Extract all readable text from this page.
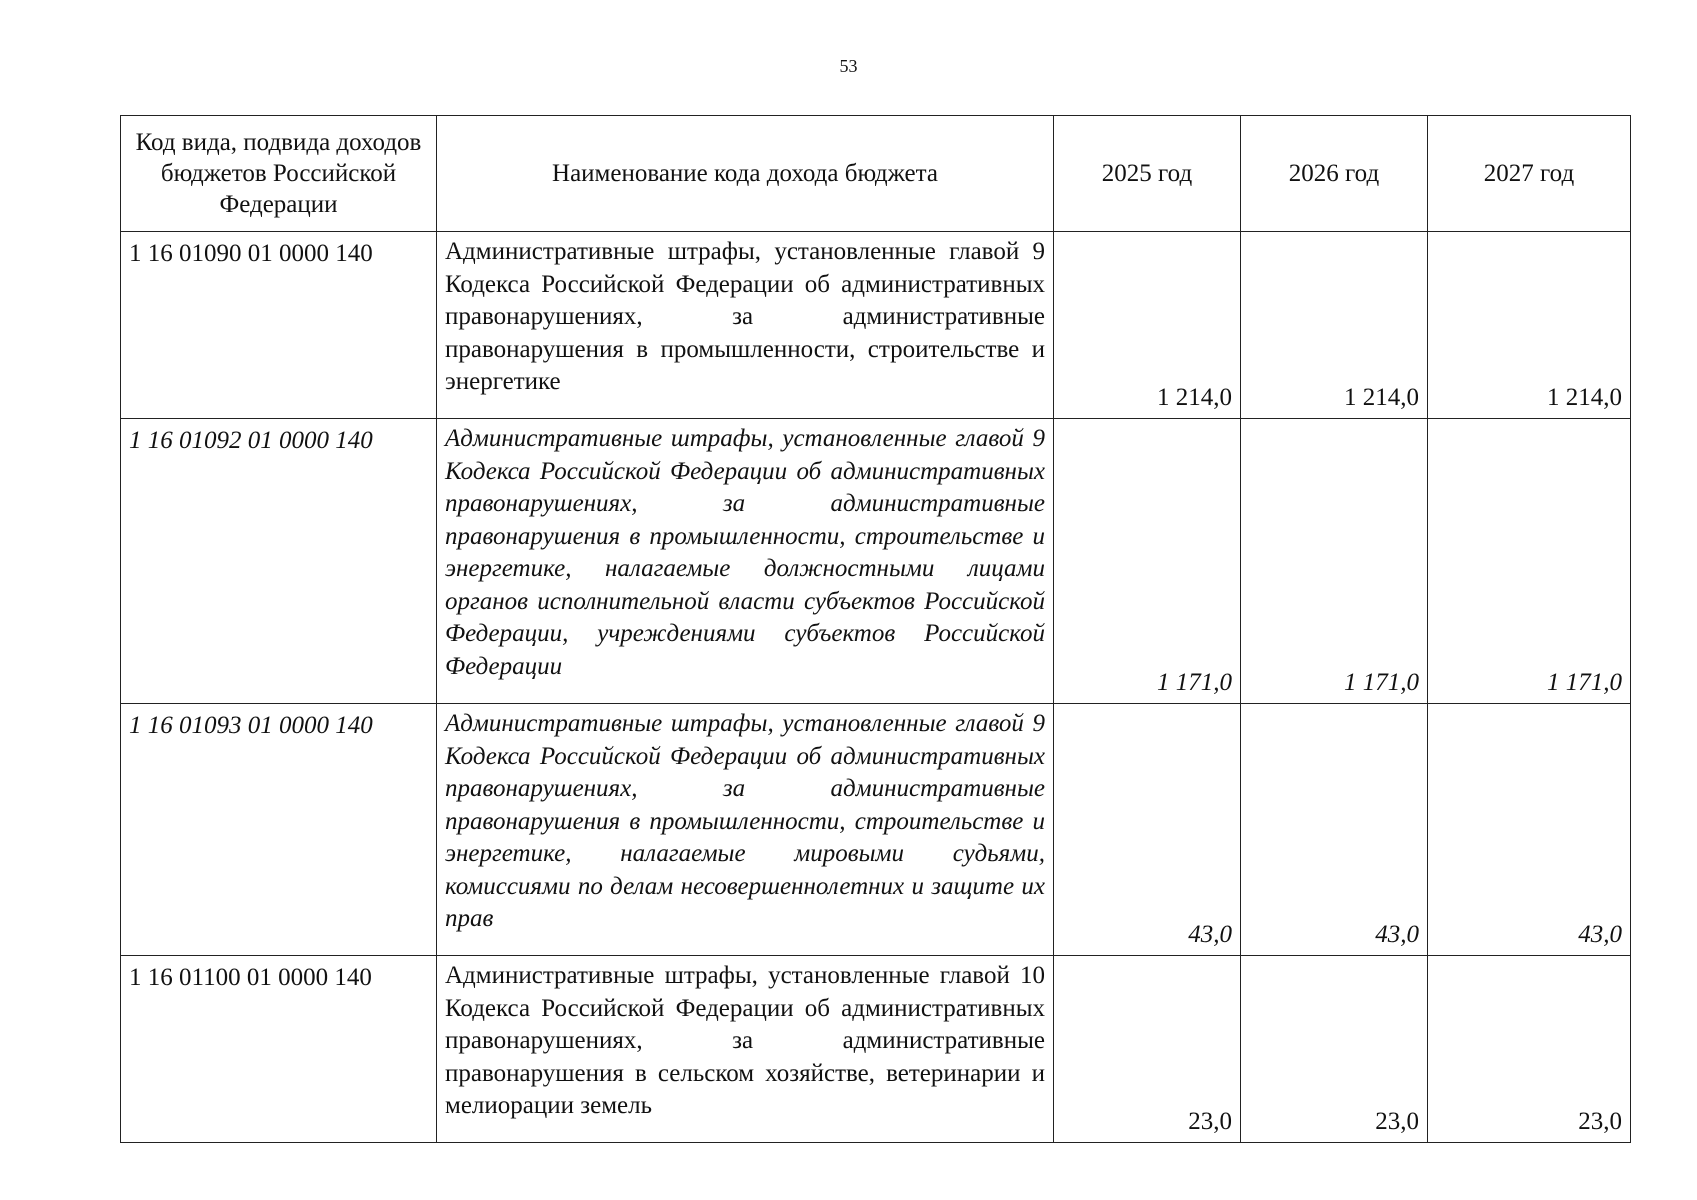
53
Код вида, подвида доходов бюджетов Российской Федерации	Наименование кода дохода бюджета	2025 год	2026 год	2027 год
1 16 01090 01 0000 140	Административные штрафы, установленные главой 9 Кодекса Российской Федерации об административных правонарушениях, за административные правонарушения в промышленности, строительстве и энергетике	1 214,0	1 214,0	1 214,0
1 16 01092 01 0000 140	Административные штрафы, установленные главой 9 Кодекса Российской Федерации об административных правонарушениях, за административные правонарушения в промышленности, строительстве и энергетике, налагаемые должностными лицами органов исполнительной власти субъектов Российской Федерации, учреждениями субъектов Российской Федерации	1 171,0	1 171,0	1 171,0
1 16 01093 01 0000 140	Административные штрафы, установленные главой 9 Кодекса Российской Федерации об административных правонарушениях, за административные правонарушения в промышленности, строительстве и энергетике, налагаемые мировыми судьями, комиссиями по делам несовершеннолетних и защите их прав	43,0	43,0	43,0
1 16 01100 01 0000 140	Административные штрафы, установленные главой 10 Кодекса Российской Федерации об административных правонарушениях, за административные правонарушения в сельском хозяйстве, ветеринарии и мелиорации земель	23,0	23,0	23,0
